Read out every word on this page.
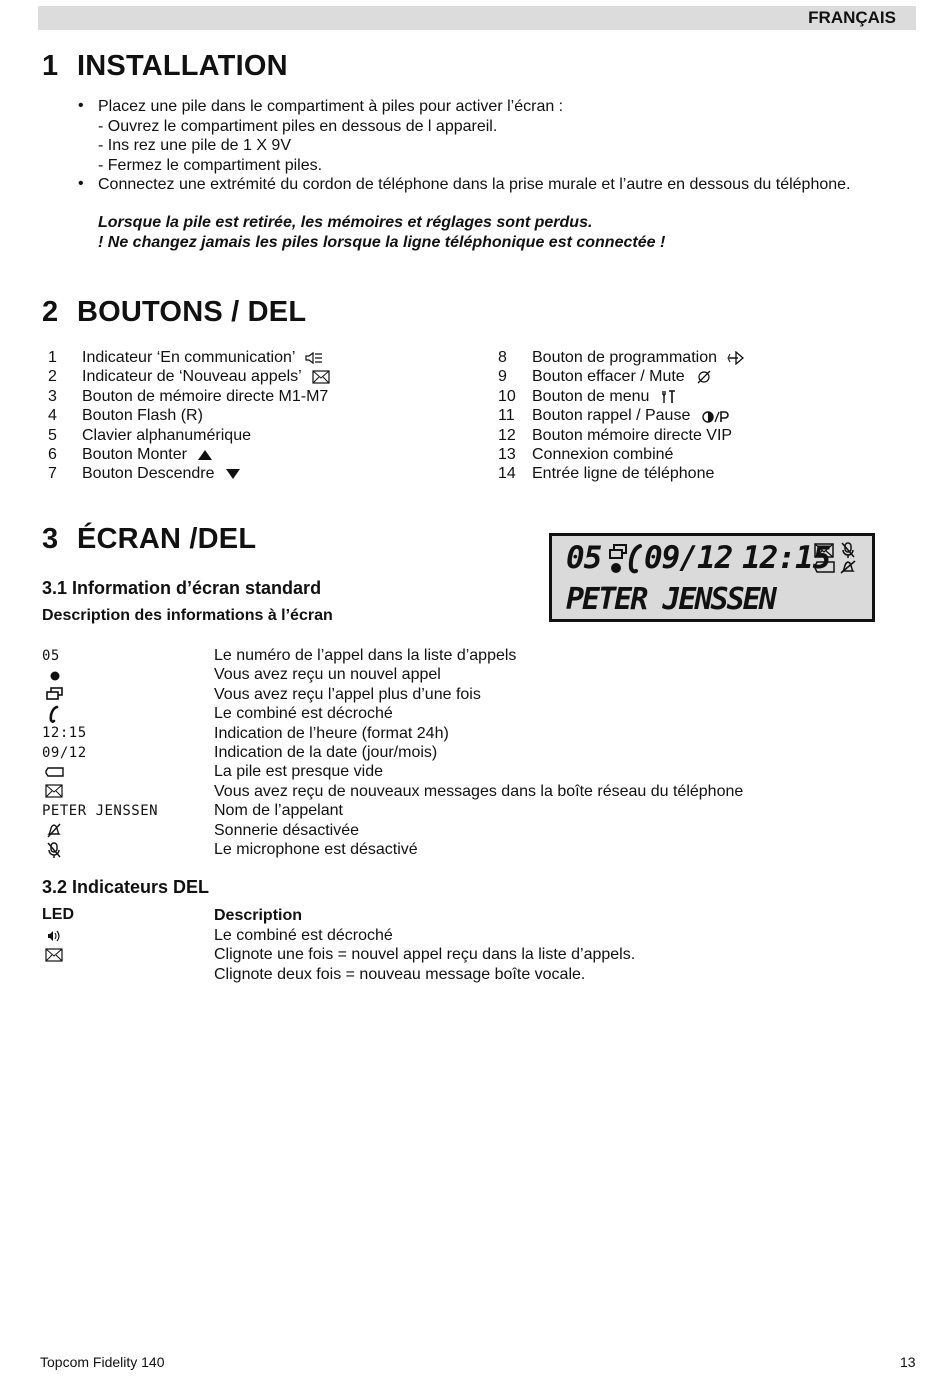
FRANÇAIS
1 INSTALLATION
• Placez une pile dans le compartiment à piles pour activer l’écran :
- Ouvrez le compartiment piles en dessous de l appareil.
- Ins rez une pile de 1 X 9V
- Fermez le compartiment piles.
• Connectez une extrémité du cordon de téléphone dans la prise murale et l’autre en dessous du téléphone.
Lorsque la pile est retirée, les mémoires et réglages sont perdus.
! Ne changez jamais les piles lorsque la ligne téléphonique est connectée !
2 BOUTONS / DEL
1 Indicateur ‘En communication’
2 Indicateur de ‘Nouveau appels’
3 Bouton de mémoire directe M1-M7
4 Bouton Flash (R)
5 Clavier alphanumérique
6 Bouton Monter
7 Bouton Descendre
8 Bouton de programmation
9 Bouton effacer / Mute
10 Bouton de menu
11 Bouton rappel / Pause
12 Bouton mémoire directe VIP
13 Connexion combiné
14 Entrée ligne de téléphone
3 ÉCRAN /DEL
05 09/12 12:15
PETER JENSSEN
3.1 Information d’écran standard
Description des informations à l’écran
05	Le numéro de l’appel dans la liste d’appels
Vous avez reçu un nouvel appel
Vous avez reçu l’appel plus d’une fois
Le combiné est décroché
12:15	Indication de l’heure (format 24h)
09/12	Indication de la date (jour/mois)
La pile est presque vide
Vous avez reçu de nouveaux messages dans la boîte réseau du téléphone
PETER JENSSEN	Nom de l’appelant
Sonnerie désactivée
Le microphone est désactivé
3.2 Indicateurs DEL
LED	Description
Le combiné est décroché
Clignote une fois = nouvel appel reçu dans la liste d’appels.
Clignote deux fois = nouveau message boîte vocale.
Topcom Fidelity 140	13
